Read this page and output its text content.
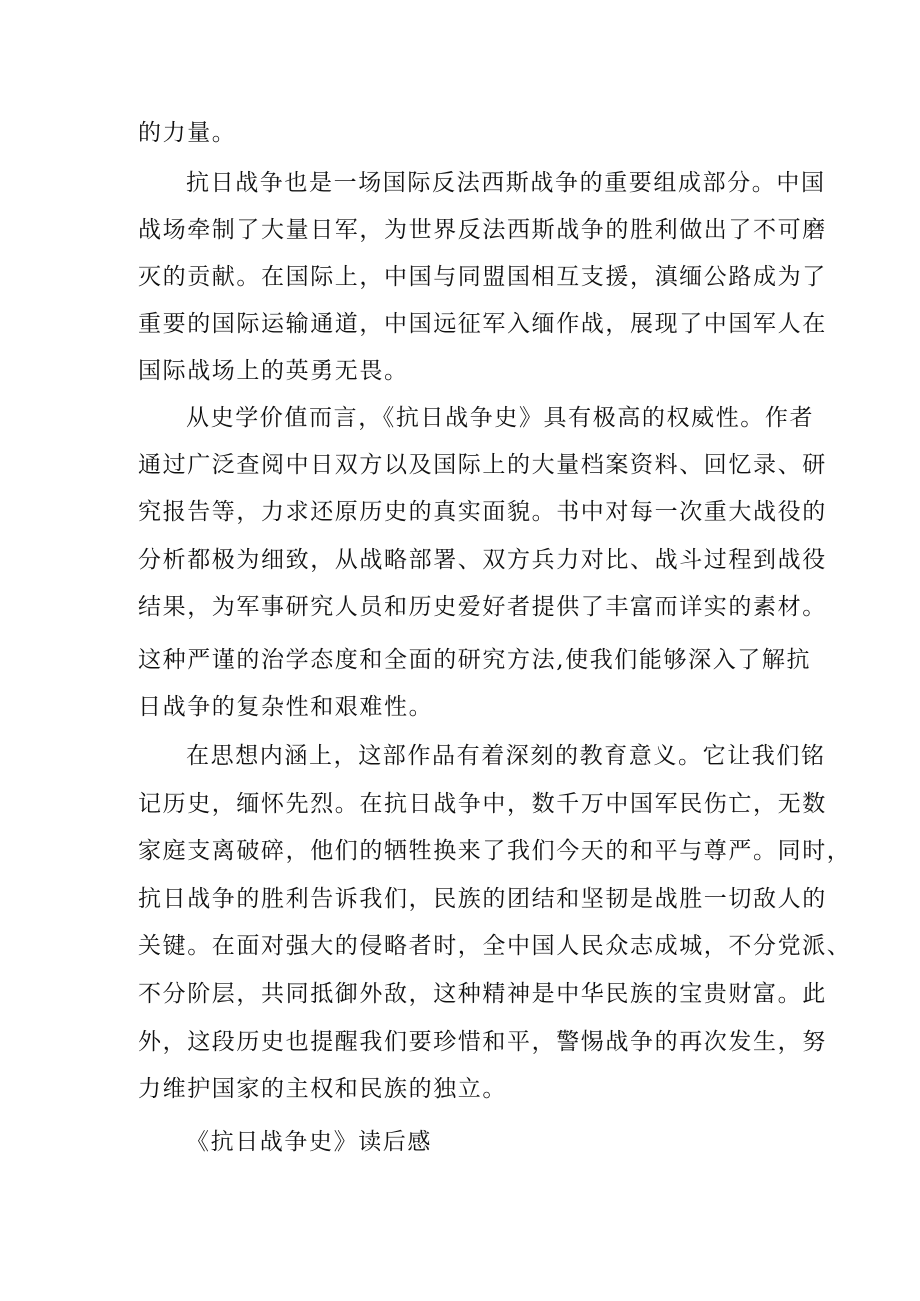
的力量。
抗日战争也是一场国际反法西斯战争的重要组成部分。中国
战场牵制了大量日军，为世界反法西斯战争的胜利做出了不可磨
灭的贡献。在国际上，中国与同盟国相互支援，滇缅公路成为了
重要的国际运输通道，中国远征军入缅作战，展现了中国军人在
国际战场上的英勇无畏。
从史学价值而言，《抗日战争史》具有极高的权威性。作者
通过广泛查阅中日双方以及国际上的大量档案资料、回忆录、研
究报告等，力求还原历史的真实面貌。书中对每一次重大战役的
分析都极为细致，从战略部署、双方兵力对比、战斗过程到战役
结果，为军事研究人员和历史爱好者提供了丰富而详实的素材。
这种严谨的治学态度和全面的研究方法,使我们能够深入了解抗
日战争的复杂性和艰难性。
在思想内涵上，这部作品有着深刻的教育意义。它让我们铭
记历史，缅怀先烈。在抗日战争中，数千万中国军民伤亡，无数
家庭支离破碎，他们的牺牲换来了我们今天的和平与尊严。同时，
抗日战争的胜利告诉我们，民族的团结和坚韧是战胜一切敌人的
关键。在面对强大的侵略者时，全中国人民众志成城，不分党派、
不分阶层，共同抵御外敌，这种精神是中华民族的宝贵财富。此
外，这段历史也提醒我们要珍惜和平，警惕战争的再次发生，努
力维护国家的主权和民族的独立。
《抗日战争史》读后感
